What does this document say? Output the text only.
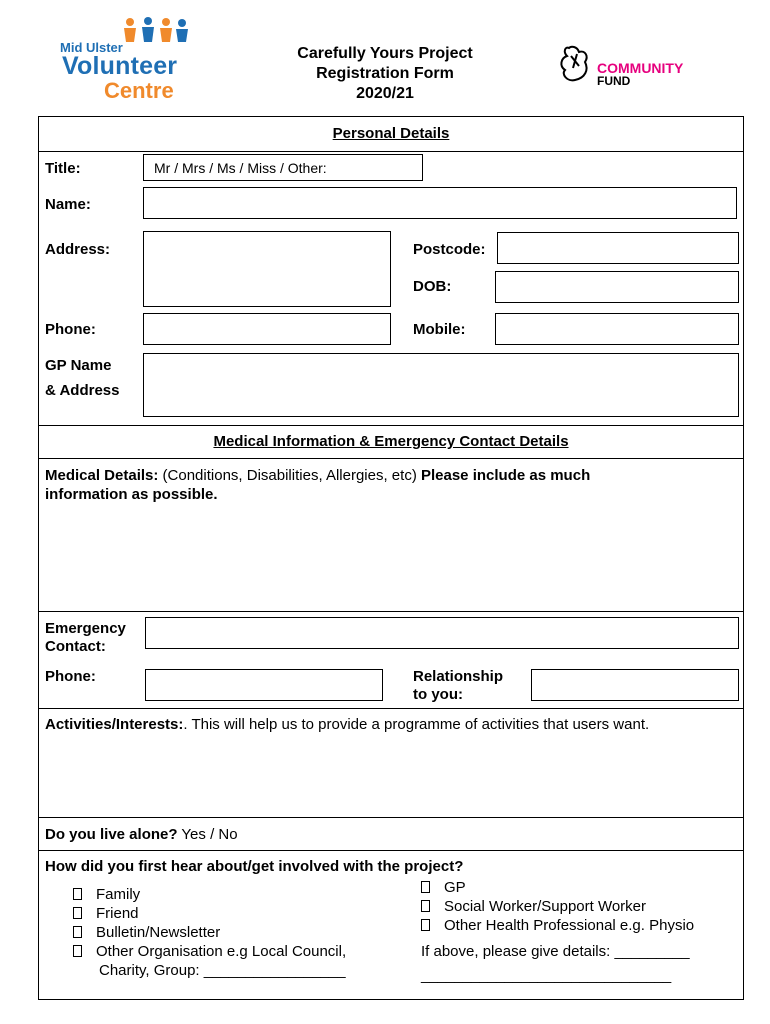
Mid Ulster
Volunteer
Centre
Carefully Yours Project
Registration Form
2020/21
COMMUNITY
FUND
Personal Details
Title:	Mr / Mrs / Ms / Miss / Other:
Name:
Address:	Postcode:
DOB:
Phone:	Mobile:
GP Name
& Address
Medical Information & Emergency Contact Details
Medical Details: (Conditions, Disabilities, Allergies, etc) Please include as much
information as possible.
Emergency
Contact:
Phone:	Relationship
to you:
Activities/Interests:. This will help us to provide a programme of activities that users want.
Do you live alone? Yes / No
How did you first hear about/get involved with the project?
Family
Friend
Bulletin/Newsletter
Other Organisation e.g Local Council,
Charity, Group: _________________
GP
Social Worker/Support Worker
Other Health Professional e.g. Physio
If above, please give details: _________
______________________________
